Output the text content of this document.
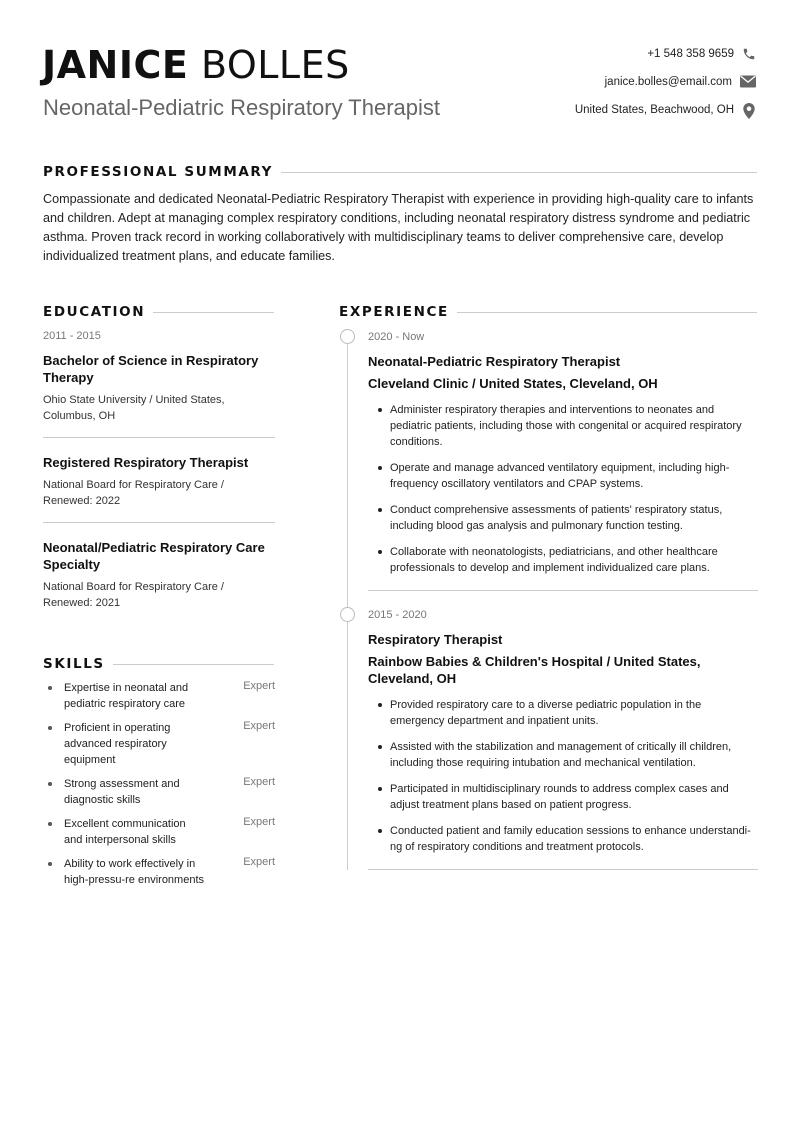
JANICE BOLLES
Neonatal-Pediatric Respiratory Therapist
+1 548 358 9659
janice.bolles@email.com
United States, Beachwood, OH
PROFESSIONAL SUMMARY
Compassionate and dedicated Neonatal-Pediatric Respiratory Therapist with experience in providing high-quality care to infants and children. Adept at managing complex respiratory conditions, including neonatal respiratory distress syndrome and pediatric asthma. Proven track record in working collaboratively with multidisciplinary teams to deliver comprehensive care, develop individualized treatment plans, and educate families.
EDUCATION
2011 - 2015
Bachelor of Science in Respiratory Therapy
Ohio State University / United States, Columbus, OH
Registered Respiratory Therapist
National Board for Respiratory Care / Renewed: 2022
Neonatal/Pediatric Respiratory Care Specialty
National Board for Respiratory Care / Renewed: 2021
SKILLS
Expertise in neonatal and pediatric respiratory care
Expert
Proficient in operating advanced respiratory equipment
Expert
Strong assessment and diagnostic skills
Expert
Excellent communication and interpersonal skills
Expert
Ability to work effectively in high-pressu-re environments
Expert
EXPERIENCE
2020 - Now
Neonatal-Pediatric Respiratory Therapist
Cleveland Clinic / United States, Cleveland, OH
Administer respiratory therapies and interventions to neonates and pediatric patients, including those with congenital or acquired respiratory conditions.
Operate and manage advanced ventilatory equipment, including high-frequency oscillatory ventilators and CPAP systems.
Conduct comprehensive assessments of patients' respiratory status, including blood gas analysis and pulmonary function testing.
Collaborate with neonatologists, pediatricians, and other healthcare professionals to develop and implement individualized care plans.
2015 - 2020
Respiratory Therapist
Rainbow Babies & Children's Hospital / United States, Cleveland, OH
Provided respiratory care to a diverse pediatric population in the emergency department and inpatient units.
Assisted with the stabilization and management of critically ill children, including those requiring intubation and mechanical ventilation.
Participated in multidisciplinary rounds to address complex cases and adjust treatment plans based on patient progress.
Conducted patient and family education sessions to enhance understandi-ng of respiratory conditions and treatment protocols.
